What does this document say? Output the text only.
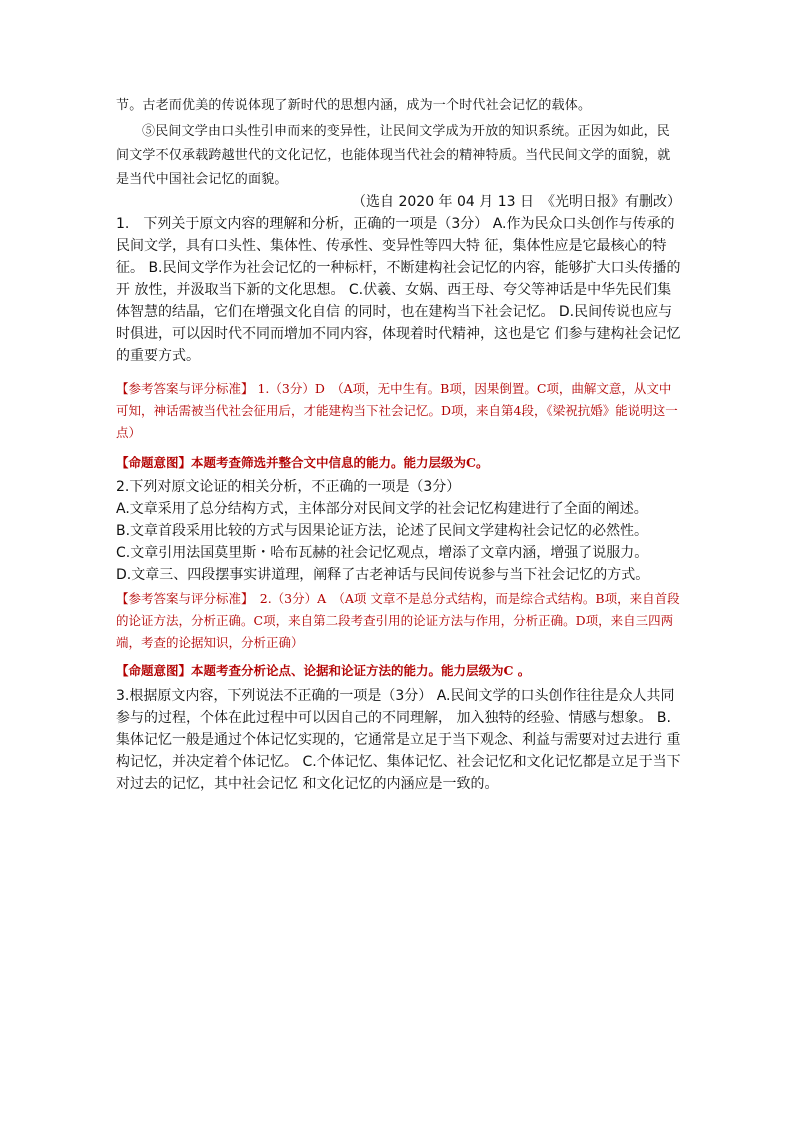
节。古老而优美的传说体现了新时代的思想内涵，成为一个时代社会记忆的载体。

⑤民间文学由口头性引申而来的变异性，让民间文学成为开放的知识系统。正因为如此，民间文学不仅承载跨越世代的文化记忆，也能体现当代社会的精神特质。当代民间文学的面貌，就是当代中国社会记忆的面貌。

（选自 2020 年 04 月 13 日　《光明日报》有删改）

1.　下列关于原文内容的理解和分析，正确的一项是（3分） A.作为民众口头创作与传承的民间文学，具有口头性、集体性、传承性、变异性等四大特 征，集体性应是它最核心的特征。 B.民间文学作为社会记忆的一种标杆，不断建构社会记忆的内容，能够扩大口头传播的开 放性，并汲取当下新的文化思想。 C.伏羲、女娲、西王母、夸父等神话是中华先民们集体智慧的结晶，它们在增强文化自信 的同时，也在建构当下社会记忆。 D.民间传说也应与时俱进，可以因时代不同而增加不同内容，体现着时代精神，这也是它 们参与建构社会记忆的重要方式。

【参考答案与评分标准】 1.（3分）D　（A项，无中生有。B项，因果倒置。C项，曲解文意，从文中可知，神话需被当代社会征用后，才能建构当下社会记忆。D项，来自第4段，《梁祝抗婚》能说明这一点）

【命题意图】本题考查筛选并整合文中信息的能力。能力层级为C。

2.下列对原文论证的相关分析，不正确的一项是（3分）

A.文章采用了总分结构方式，主体部分对民间文学的社会记忆构建进行了全面的阐述。

B.文章首段采用比较的方式与因果论证方法，论述了民间文学建构社会记忆的必然性。

C.文章引用法国莫里斯・哈布瓦赫的社会记忆观点，增添了文章内涵，增强了说服力。

D.文章三、四段摆事实讲道理，阐释了古老神话与民间传说参与当下社会记忆的方式。

【参考答案与评分标准】　2.（3分）A　（A项 文章不是总分式结构，而是综合式结构。B项，来自首段的论证方法，分析正确。C项，来自第二段考查引用的论证方法与作用，分析正确。D项，来自三四两端，考查的论据知识，分析正确）

【命题意图】本题考查分析论点、论据和论证方法的能力。能力层级为C 。

3.根据原文内容，下列说法不正确的一项是（3分） A.民间文学的口头创作往往是众人共同参与的过程，个体在此过程中可以因自己的不同理解， 加入独特的经验、情感与想象。 B.集体记忆一般是通过个体记忆实现的，它通常是立足于当下观念、利益与需要对过去进行 重构记忆，并决定着个体记忆。 C.个体记忆、集体记忆、社会记忆和文化记忆都是立足于当下对过去的记忆，其中社会记忆 和文化记忆的内涵应是一致的。
